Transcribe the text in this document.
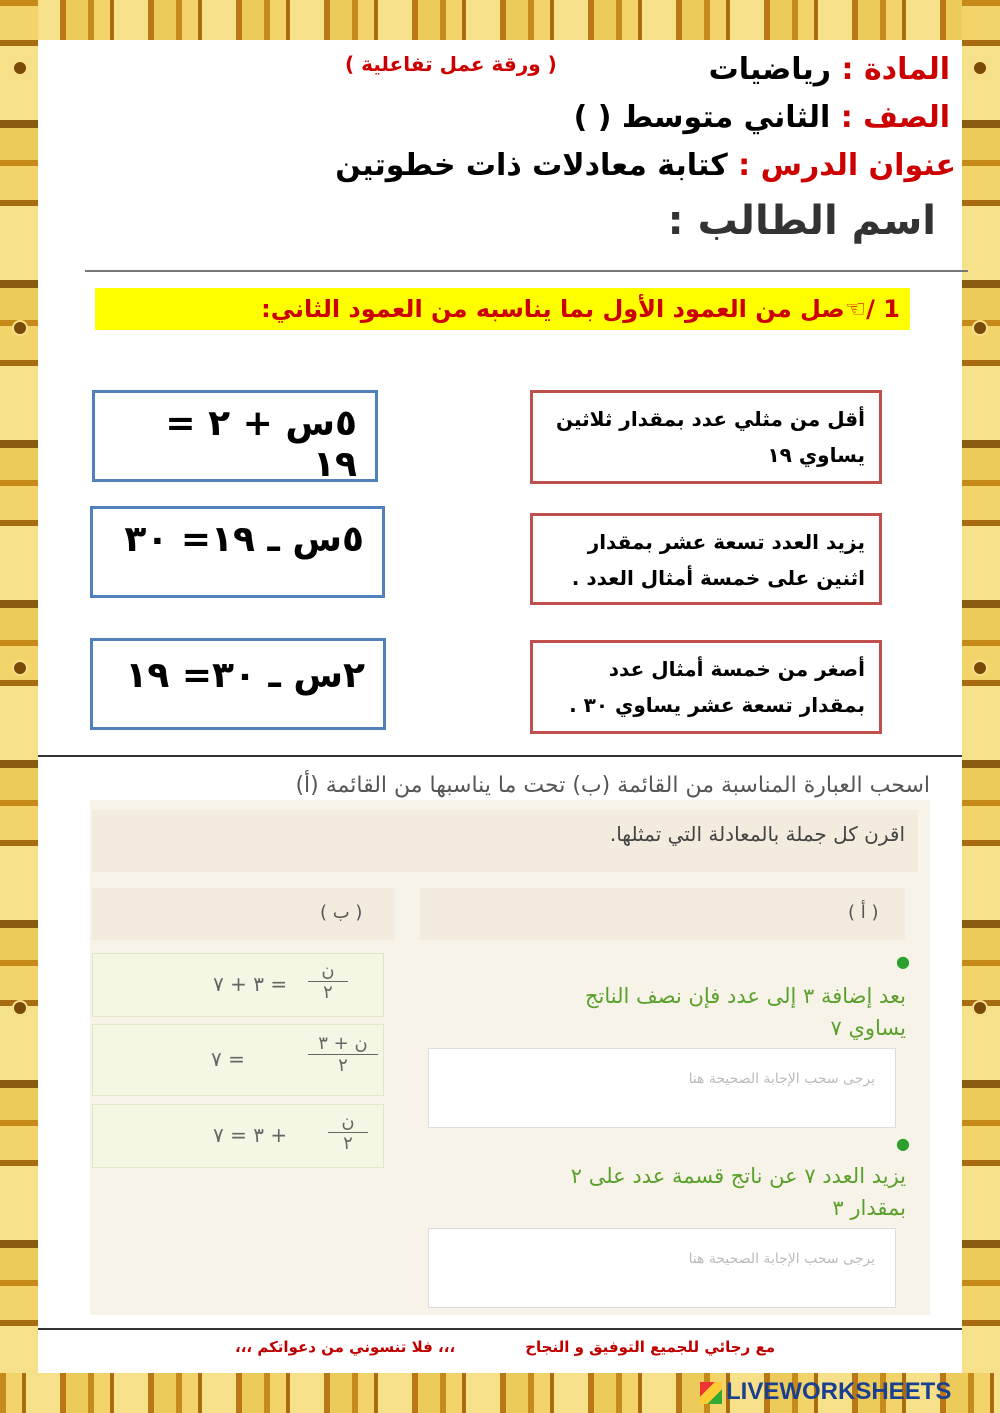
( ورقة عمل تفاعلية )	المادة : رياضيات
الصف : الثاني متوسط ( )
عنوان الدرس : كتابة معادلات ذات خطوتين
اسم الطالب :
1 /☜صل من العمود الأول بما يناسبه من العمود الثاني:
أقل من مثلي عدد بمقدار ثلاثين
يساوي ١٩
يزيد العدد تسعة عشر بمقدار
اثنين على خمسة أمثال العدد .
أصغر من خمسة أمثال عدد
بمقدار تسعة عشر يساوي ٣٠ .
٥س + ٢ = ١٩
٥س ـ ١٩= ٣٠
٢س ـ ٣٠= ١٩
اسحب العبارة المناسبة من القائمة (ب) تحت ما يناسبها من القائمة (أ)
اقرن كل جملة بالمعادلة التي تمثلها.
( أ )
( ب )
●
بعد إضافة ٣ إلى عدد فإن نصف الناتج
يساوي ٧
يرجى سحب الإجابة الصحيحة هنا
●
يزيد العدد ٧ عن ناتج قسمة عدد على ٢
بمقدار ٣
يرجى سحب الإجابة الصحيحة هنا
ن
٢
= ٣ + ٧
ن + ٣
٢
= ٧
ن
٢
+ ٣ = ٧
مع رجائي للجميع التوفيق و النجاح
،،، فلا تنسوني من دعواتكم ،،،
LIVEWORKSHEETS
